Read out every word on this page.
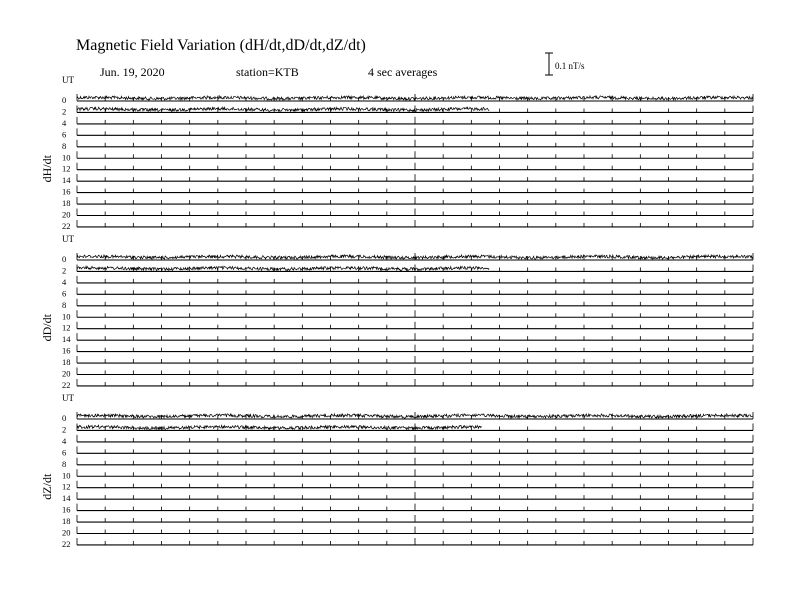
Magnetic Field Variation (dH/dt,dD/dt,dZ/dt)
Jun. 19, 2020	station=KTB	4 sec averages	0.1 nT/s
UT
dH/dt
0
2
4
6
8
10
12
14
16
18
20
22
UT
dD/dt
0
2
4
6
8
10
12
14
16
18
20
22
UT
dZ/dt
0
2
4
6
8
10
12
14
16
18
20
22
